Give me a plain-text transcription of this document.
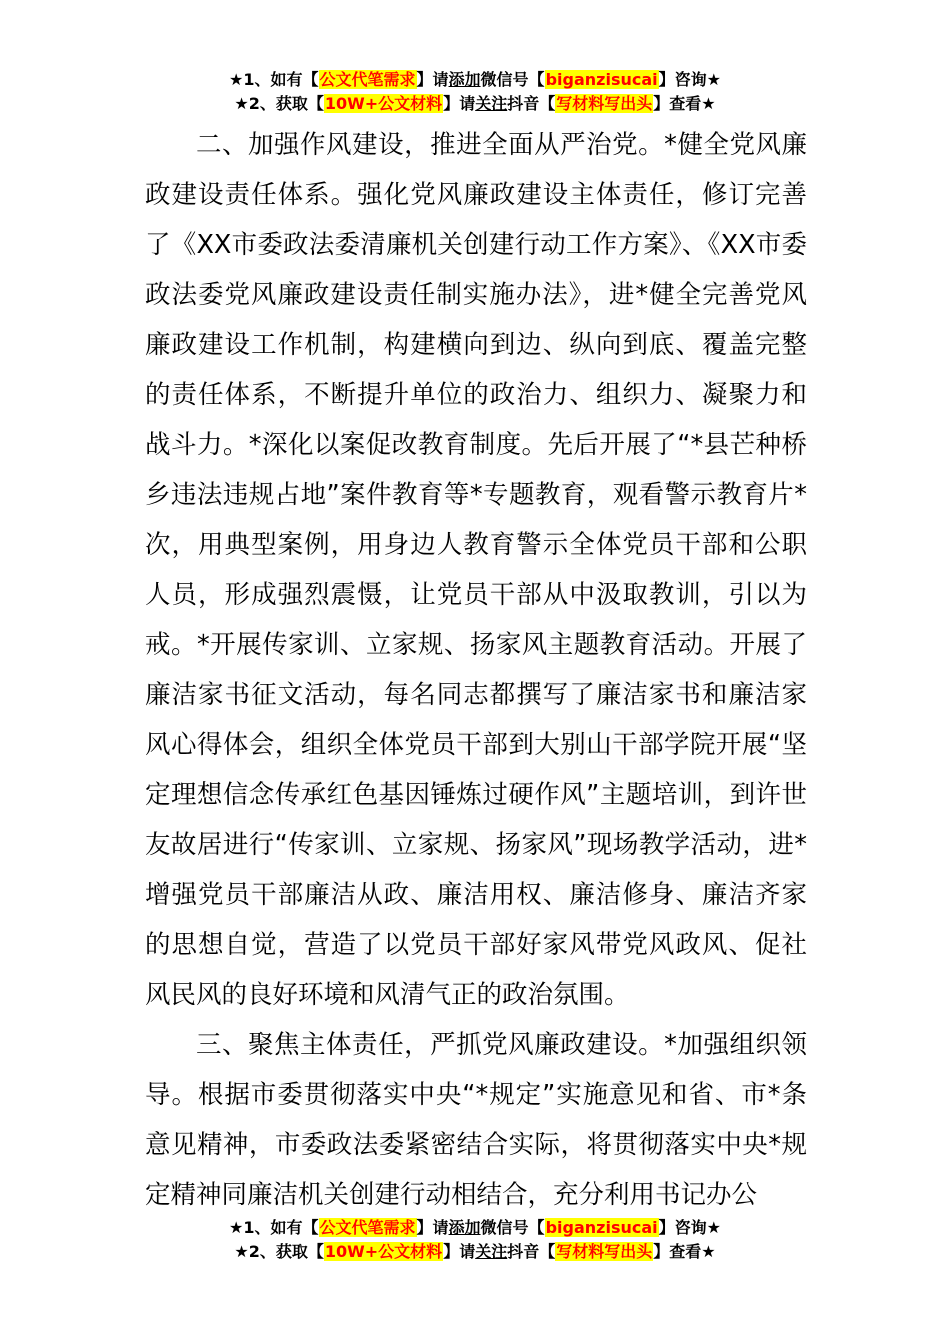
★1、如有【公文代笔需求】请添加微信号【biganzisucai】咨询★
★2、获取【10W+公文材料】请关注抖音【写材料写出头】查看★

二、加强作风建设，推进全面从严治党。*健全党风廉政建设责任体系。强化党风廉政建设主体责任，修订完善了《XX市委政法委清廉机关创建行动工作方案》、《XX市委政法委党风廉政建设责任制实施办法》，进*健全完善党风廉政建设工作机制，构建横向到边、纵向到底、覆盖完整的责任体系，不断提升单位的政治力、组织力、凝聚力和战斗力。*深化以案促改教育制度。先后开展了“*县芒种桥乡违法违规占地”案件教育等*专题教育，观看警示教育片*次，用典型案例，用身边人教育警示全体党员干部和公职人员，形成强烈震慑，让党员干部从中汲取教训，引以为戒。*开展传家训、立家规、扬家风主题教育活动。开展了廉洁家书征文活动，每名同志都撰写了廉洁家书和廉洁家风心得体会，组织全体党员干部到大别山干部学院开展“坚定理想信念传承红色基因锤炼过硬作风”主题培训，到许世友故居进行“传家训、立家规、扬家风”现场教学活动，进*增强党员干部廉洁从政、廉洁用权、廉洁修身、廉洁齐家的思想自觉，营造了以党员干部好家风带党风政风、促社风民风的良好环境和风清气正的政治氛围。

三、聚焦主体责任，严抓党风廉政建设。*加强组织领导。根据市委贯彻落实中央“*规定”实施意见和省、市*条意见精神，市委政法委紧密结合实际，将贯彻落实中央*规定精神同廉洁机关创建行动相结合，充分利用书记办公

★1、如有【公文代笔需求】请添加微信号【biganzisucai】咨询★
★2、获取【10W+公文材料】请关注抖音【写材料写出头】查看★
